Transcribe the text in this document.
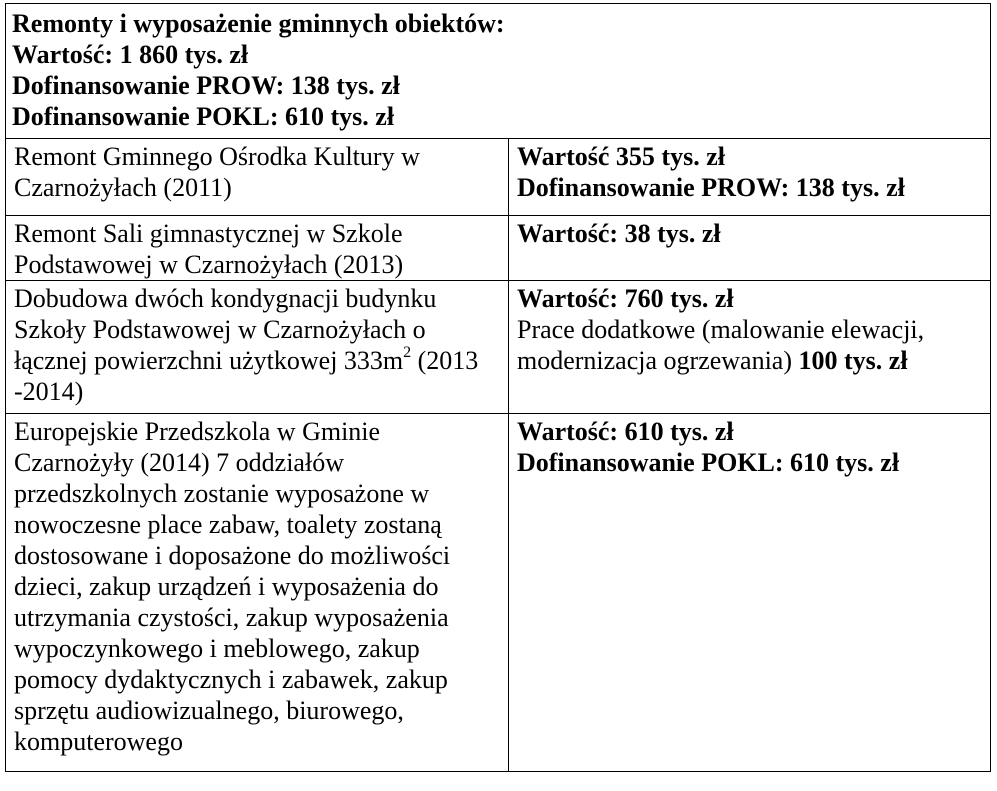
Remonty i wyposażenie gminnych obiektów:
Wartość: 1 860 tys. zł
Dofinansowanie PROW: 138 tys. zł
Dofinansowanie POKL: 610 tys. zł	

Remont Gminnego Ośrodka Kultury w Czarnożyłach (2011)	Wartość 355 tys. zł
Dofinansowanie PROW: 138 tys. zł

Remont Sali gimnastycznej w Szkole Podstawowej w Czarnożyłach (2013)	Wartość: 38 tys. zł

Dobudowa dwóch kondygnacji budynku Szkoły Podstawowej w Czarnożyłach o łącznej powierzchni użytkowej $333m^2$ (2013 -2014)	Wartość: 760 tys. zł
Prace dodatkowe (malowanie elewacji, modernizacja ogrzewania) 100 tys. zł
Europejskie Przedszkola w Gminie Czarnożyły (2014) 7 oddziałów przedszkolnych zostanie wyposażone w nowoczesne place zabaw, toalety zostaną dostosowane i doposażone do możliwości dzieci, zakup urządzeń i wyposażenia do utrzymania czystości, zakup wyposażenia wypoczynkowego i meblowego, zakup pomocy dydaktycznych i zabawek, zakup sprzętu audiowizualnego, biurowego, komputerowego	Wartość: 610 tys. zł
Dofinansowanie POKL: 610 tys. zł
